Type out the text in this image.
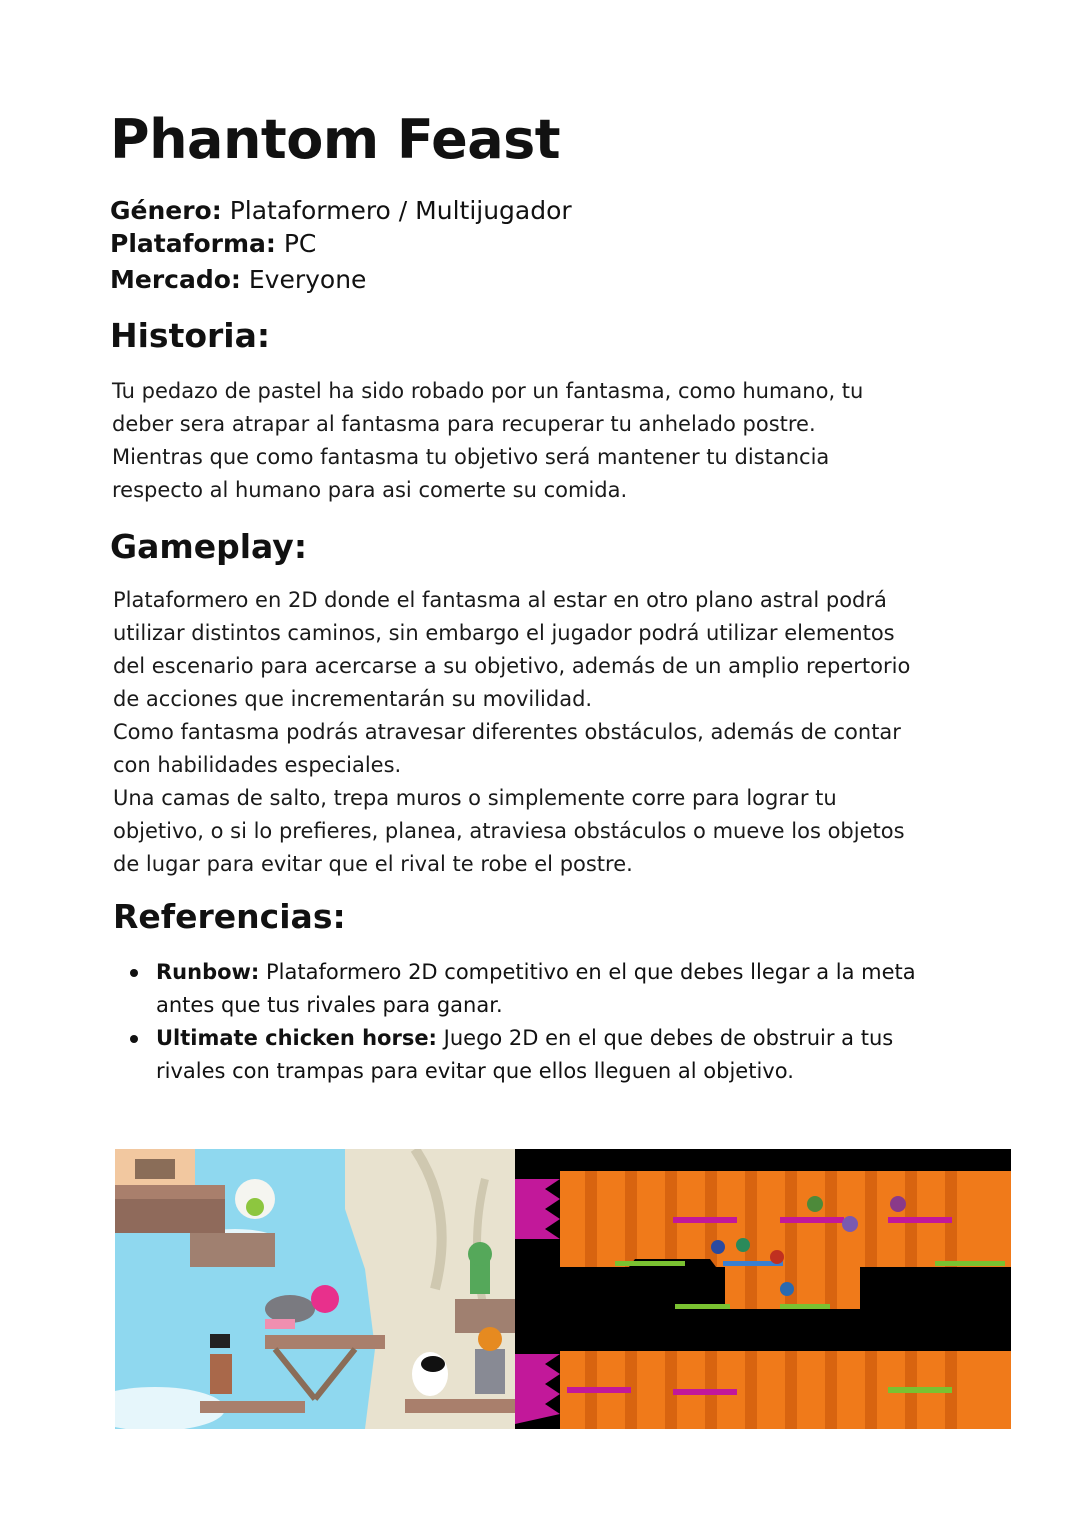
Phantom Feast
Género: Plataformero / Multijugador
Plataforma: PC
Mercado: Everyone
Historia:

Tu pedazo de pastel ha sido robado por un fantasma, como humano, tu
deber sera atrapar al fantasma para recuperar tu anhelado postre.
Mientras que como fantasma tu objetivo será mantener tu distancia
respecto al humano para asi comerte su comida.

Gameplay:

Plataformero en 2D donde el fantasma al estar en otro plano astral podrá
utilizar distintos caminos, sin embargo el jugador podrá utilizar elementos
del escenario para acercarse a su objetivo, además de un amplio repertorio
de acciones que incrementarán su movilidad.
Como fantasma podrás atravesar diferentes obstáculos, además de contar
con habilidades especiales.
Una camas de salto, trepa muros o simplemente corre para lograr tu
objetivo, o si lo prefieres, planea, atraviesa obstáculos o mueve los objetos
de lugar para evitar que el rival te robe el postre.

Referencias:
Runbow: Plataformero 2D competitivo en el que debes llegar a la meta
antes que tus rivales para ganar.
Ultimate chicken horse: Juego 2D en el que debes de obstruir a tus
rivales con trampas para evitar que ellos lleguen al objetivo.
